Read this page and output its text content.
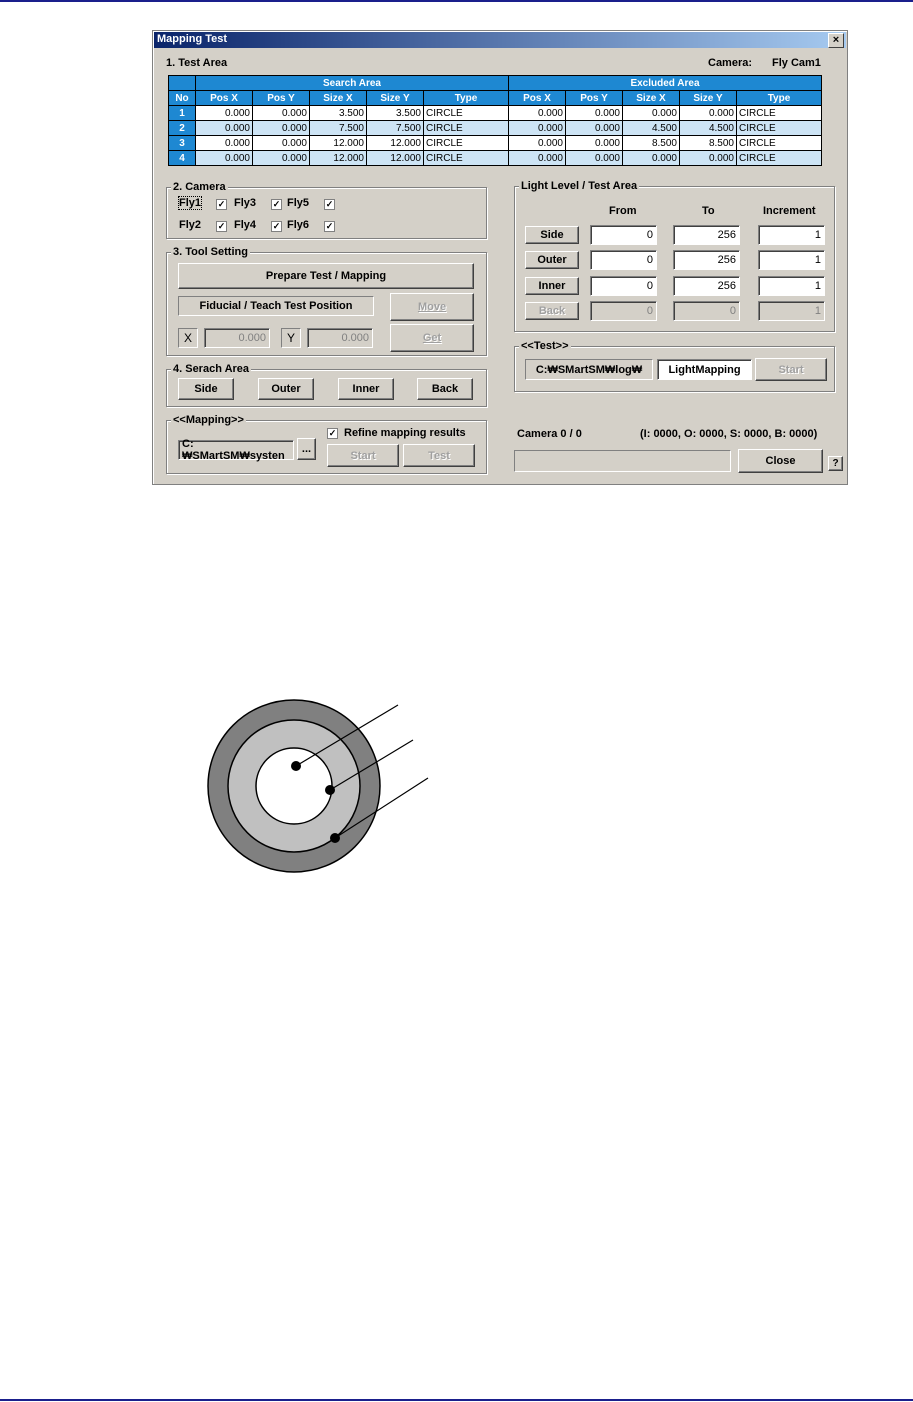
Mapping Test	×
1. Test Area	Camera: Fly Cam1
	Search Area					Excluded Area				
No	Pos X	Pos Y	Size X	Size Y	Type	Pos X	Pos Y	Size X	Size Y	Type
1	0.000	0.000	3.500	3.500	CIRCLE	0.000	0.000	0.000	0.000	CIRCLE
2	0.000	0.000	7.500	7.500	CIRCLE	0.000	0.000	4.500	4.500	CIRCLE
3	0.000	0.000	12.000	12.000	CIRCLE	0.000	0.000	8.500	8.500	CIRCLE
4	0.000	0.000	12.000	12.000	CIRCLE	0.000	0.000	0.000	0.000	CIRCLE
2. Camera
Fly1 ✓ Fly3 ✓ Fly5 ✓
Fly2 ✓ Fly4 ✓ Fly6 ✓
3. Tool Setting
Prepare Test / Mapping
Fiducial / Teach Test Position	Move
X	0.000	Y	0.000	Get
4. Serach Area
Side	Outer	Inner	Back
<<Mapping>>
C:₩SMartSM₩systen
...
✓ Refine mapping results
Start	Test
Light Level / Test Area
From	To	Increment
Side	0	256	1
Outer	0	256	1
Inner	0	256	1
Back	0	0	1
<<Test>>
C:₩SMartSM₩log₩	LightMapping	Start
Camera 0 / 0	(I: 0000, O: 0000, S: 0000, B: 0000)
Close	?
